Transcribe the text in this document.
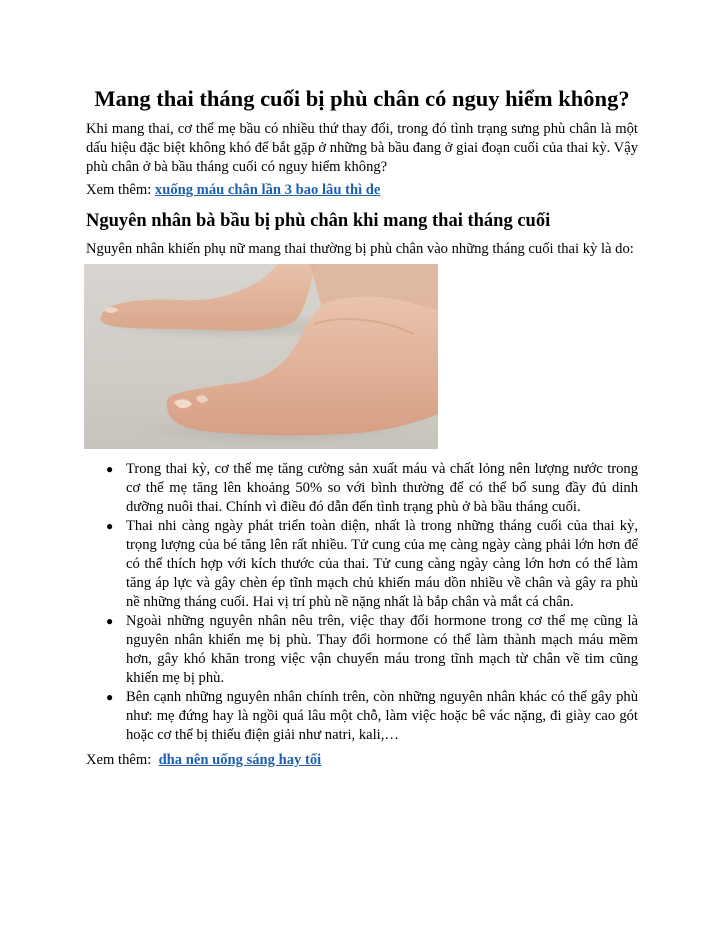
Mang thai tháng cuối bị phù chân có nguy hiểm không?

Khi mang thai, cơ thể mẹ bầu có nhiều thứ thay đổi, trong đó tình trạng sưng phù chân là một dấu hiệu đặc biệt không khó để bắt gặp ở những bà bầu đang ở giai đoạn cuối của thai kỳ. Vậy phù chân ở bà bầu tháng cuối có nguy hiểm không?

Xem thêm: xuống máu chân lần 3 bao lâu thì de

Nguyên nhân bà bầu bị phù chân khi mang thai tháng cuối

Nguyên nhân khiến phụ nữ mang thai thường bị phù chân vào những tháng cuối thai kỳ là do:

● Trong thai kỳ, cơ thể mẹ tăng cường sản xuất máu và chất lỏng nên lượng nước trong cơ thể mẹ tăng lên khoảng 50% so với bình thường để có thể bổ sung đầy đủ dinh dưỡng nuôi thai. Chính vì điều đó dẫn đến tình trạng phù ở bà bầu tháng cuối.
● Thai nhi càng ngày phát triển toàn diện, nhất là trong những tháng cuối của thai kỳ, trọng lượng của bé tăng lên rất nhiều. Tử cung của mẹ càng ngày càng phải lớn hơn để có thể thích hợp với kích thước của thai. Tử cung càng ngày càng lớn hơn có thể làm tăng áp lực và gây chèn ép tĩnh mạch chủ khiến máu dồn nhiều về chân và gây ra phù nề những tháng cuối. Hai vị trí phù nề nặng nhất là bắp chân và mắt cá chân.
● Ngoài những nguyên nhân nêu trên, việc thay đổi hormone trong cơ thể mẹ cũng là nguyên nhân khiến mẹ bị phù. Thay đổi hormone có thể làm thành mạch máu mềm hơn, gây khó khăn trong việc vận chuyển máu trong tĩnh mạch từ chân về tim cũng khiến mẹ bị phù.
● Bên cạnh những nguyên nhân chính trên, còn những nguyên nhân khác có thể gây phù như: mẹ đứng hay là ngồi quá lâu một chỗ, làm việc hoặc bê vác nặng, đi giày cao gót hoặc cơ thể bị thiếu điện giải như natri, kali,…

Xem thêm:  dha nên uống sáng hay tối
